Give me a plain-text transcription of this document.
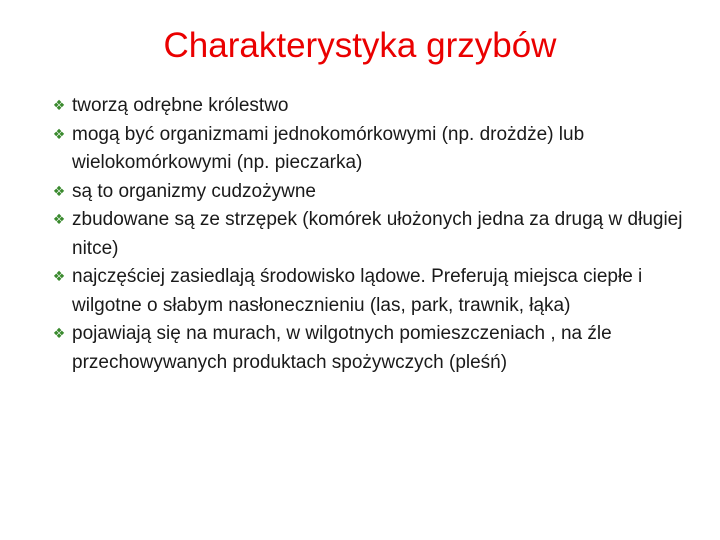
Charakterystyka grzybów
❖ tworzą odrębne królestwo
❖ mogą być organizmami jednokomórkowymi (np. drożdże) lub wielokomórkowymi (np. pieczarka)
❖ są to organizmy cudzożywne
❖ zbudowane są ze strzępek (komórek ułożonych jedna za drugą w długiej nitce)
❖ najczęściej zasiedlają środowisko lądowe. Preferują miejsca ciepłe i wilgotne o słabym nasłonecznieniu (las, park, trawnik, łąka)
❖ pojawiają się na murach, w wilgotnych pomieszczeniach , na źle przechowywanych produktach spożywczych (pleśń)
